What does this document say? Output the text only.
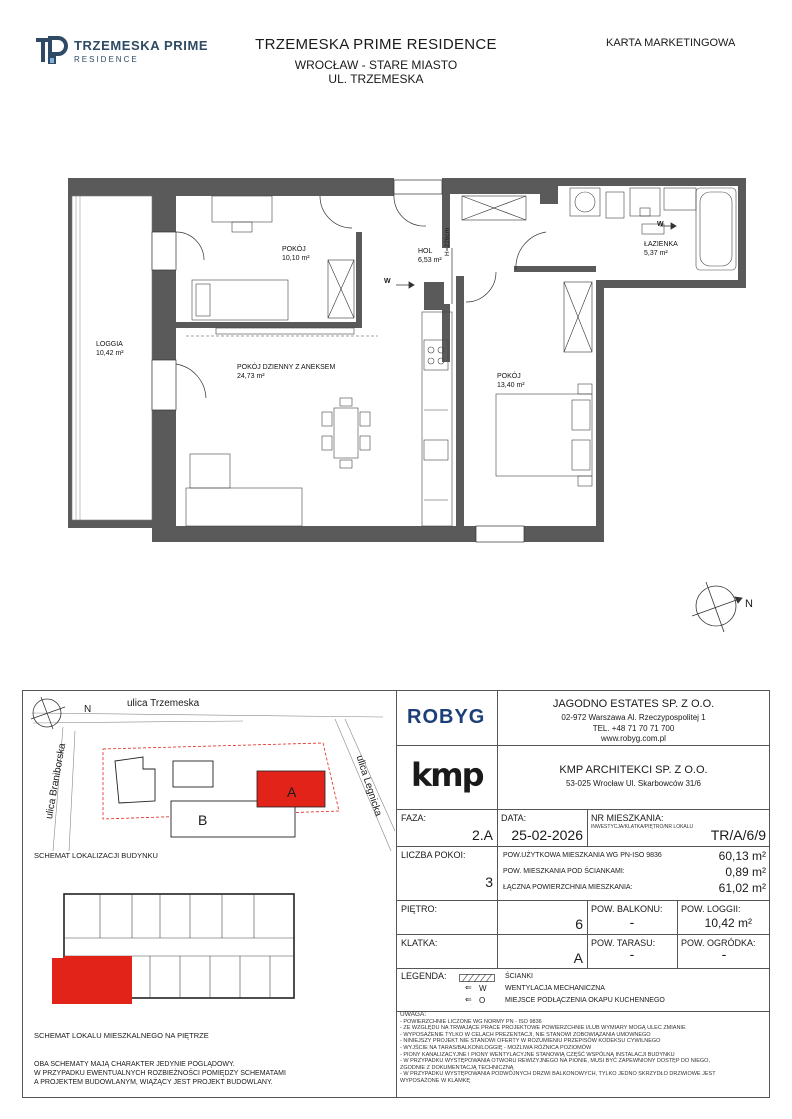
TRZEMESKA PRIME
RESIDENCE
TRZEMESKA PRIME RESIDENCE
WROCŁAW - STARE MIASTO
UL. TRZEMESKA
KARTA MARKETINGOWA
POKÓJ
10,10 m²
HOL
6,53 m²
ŁAZIENKA
5,37 m²
LOGGIA
10,42 m²
POKÓJ DZIENNY Z ANEKSEM
24,73 m²	POKÓJ
13,40 m²
H=226cm
W
W
N
ulica Trzemeska
ulica Braniborska	ulica Legnicka
A
B
N
SCHEMAT LOKALIZACJI BUDYNKU
SCHEMAT LOKALU MIESZKALNEGO NA PIĘTRZE
OBA SCHEMATY MAJĄ CHARAKTER JEDYNIE POGLĄDOWY.
W PRZYPADKU EWENTUALNYCH ROZBIEŻNOŚCI POMIĘDZY SCHEMATAMI
A PROJEKTEM BUDOWLANYM, WIĄŻĄCY JEST PROJEKT BUDOWLANY.
ROBYG
JAGODNO ESTATES SP. Z O.O.
02-972 Warszawa Al. Rzeczypospolitej 1
TEL. +48 71 70 71 700
www.robyg.com.pl
kmp	KMP ARCHITEKCI SP. Z O.O.
53-025 Wrocław Ul. Skarbowców 31/6
FAZA:
2.A
DATA:
25-02-2026
NR MIESZKANIA:
INWESTYCJA/KLATKA/PIĘTRO/NR LOKALU TR/A/6/9
LICZBA POKOI:
3
POW.UŻYTKOWA MIESZKANIA WG PN-ISO 9836	60,13 m²
POW. MIESZKANIA POD ŚCIANKAMI:	0,89 m²
ŁĄCZNA POWIERZCHNIA MIESZKANIA:	61,02 m²
PIĘTRO:
6
POW. BALKONU:
-
POW. LOGGII:
10,42 m²
KLATKA:
A
POW. TARASU:
-
POW. OGRÓDKA:
-
LEGENDA:	ŚCIANKI
⇐ W	WENTYLACJA MECHANICZNA
⇐ O	MIEJSCE PODŁĄCZENIA OKAPU KUCHENNEGO
UWAGA:
- POWIERZCHNIE LICZONE WG NORMY PN - ISO 9836
- ZE WZGLĘDU NA TRWAJĄCE PRACE PROJEKTOWE POWIERZCHNIE I/LUB WYMIARY MOGĄ ULEC ZMIANIE
- WYPOSAŻENIE TYLKO W CELACH PREZENTACJI, NIE STANOWI ZOBOWIĄZANIA UMOWNEGO
- NINIEJSZY PROJEKT NIE STANOWI OFERTY W ROZUMIENIU PRZEPISÓW KODEKSU CYWILNEGO
- WYJŚCIE NA TARAS/BALKON/LOGGIĘ - MOŻLIWA RÓŻNICA POZIOMÓW
- PIONY KANALIZACYJNE I PIONY WENTYLACYJNE STANOWIĄ CZĘŚĆ WSPÓLNĄ INSTALACJI BUDYNKU
- W PRZYPADKU WYSTĘPOWANIA OTWORU REWIZYJNEGO NA PIONIE, MUSI BYĆ ZAPEWNIONY DOSTĘP DO NIEGO,
ZGODNIE Z DOKUMENTACJĄ TECHNICZNĄ
- W PRZYPADKU WYSTĘPOWANIA PODWÓJNYCH DRZWI BALKONOWYCH, TYLKO JEDNO SKRZYDŁO DRZWIOWE JEST
WYPOSAŻONE W KLAMKĘ
